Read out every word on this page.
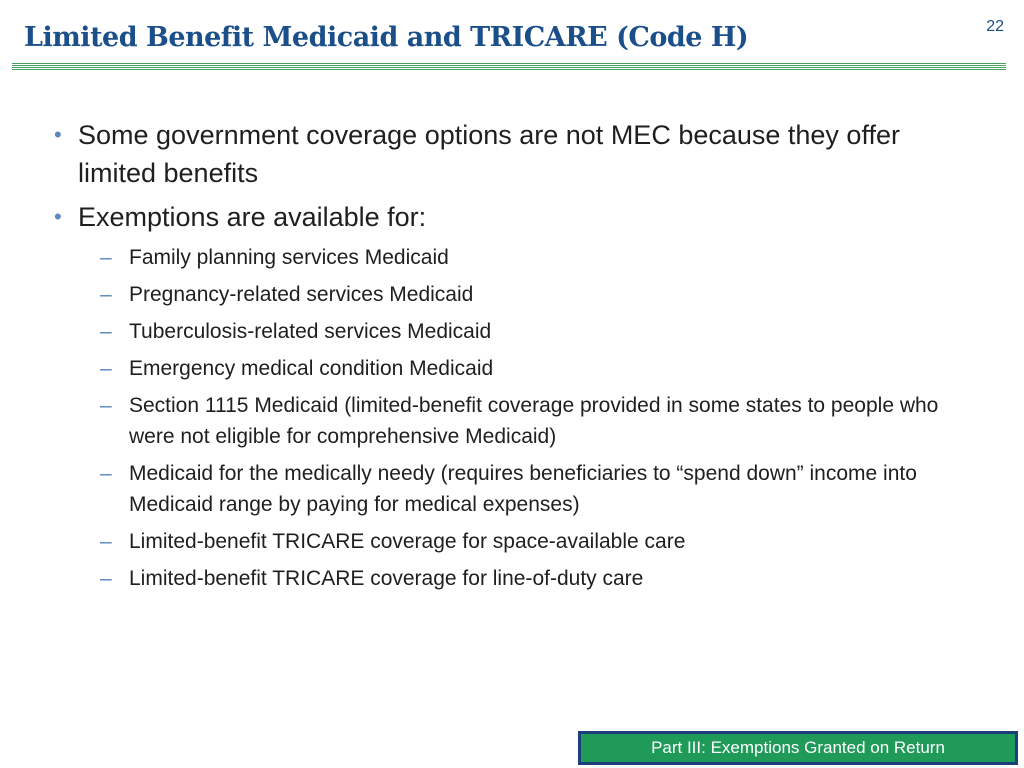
Limited Benefit Medicaid and TRICARE (Code H)	22
• Some government coverage options are not MEC because they offer limited benefits
• Exemptions are available for:
– Family planning services Medicaid
– Pregnancy-related services Medicaid
– Tuberculosis-related services Medicaid
– Emergency medical condition Medicaid
– Section 1115 Medicaid (limited-benefit coverage provided in some states to people who were not eligible for comprehensive Medicaid)
– Medicaid for the medically needy (requires beneficiaries to “spend down” income into Medicaid range by paying for medical expenses)
– Limited-benefit TRICARE coverage for space-available care
– Limited-benefit TRICARE coverage for line-of-duty care
Part III: Exemptions Granted on Return
